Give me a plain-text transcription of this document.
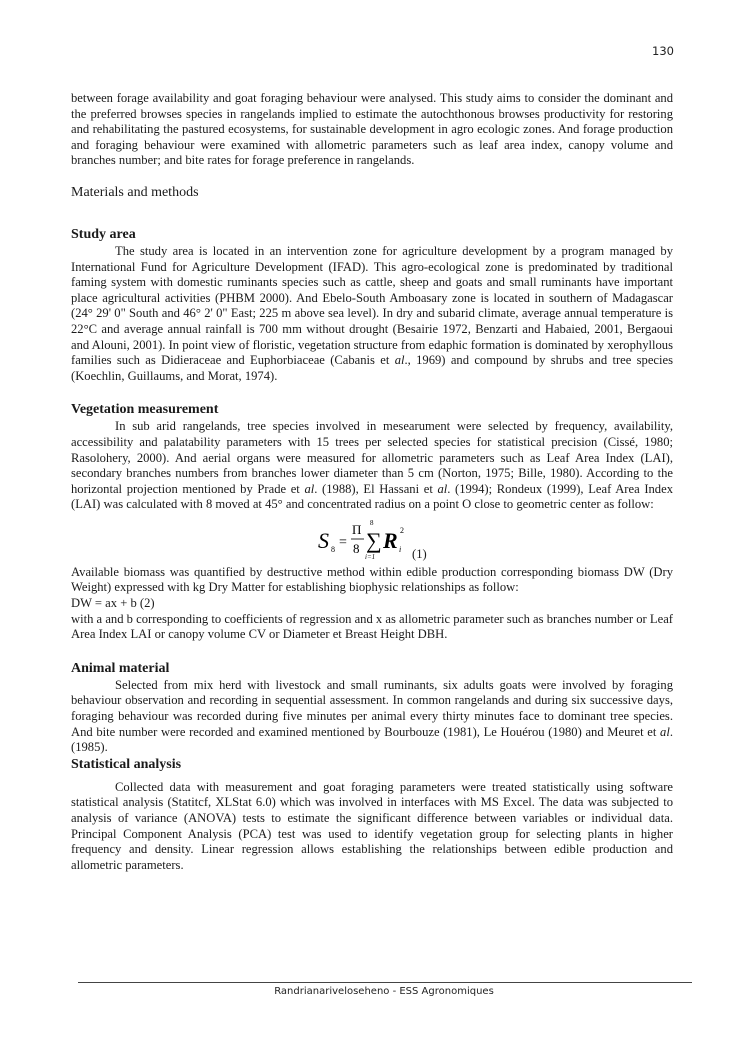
130

between forage availability and goat foraging behaviour were analysed. This study aims to consider the dominant and the preferred browses species in rangelands implied to estimate the autochthonous browses productivity for restoring and rehabilitating the pastured ecosystems, for sustainable development in agro ecologic zones. And forage production and foraging behaviour were examined with allometric parameters such as leaf area index, canopy volume and branches number; and bite rates for forage preference in rangelands.

Materials and methods
Study area

The study area is located in an intervention zone for agriculture development by a program managed by International Fund for Agriculture Development (IFAD). This agro-ecological zone is predominated by traditional faming system with domestic ruminants species such as cattle, sheep and goats and small ruminants have important place agricultural activities (PHBM 2000). And Ebelo-South Amboasary zone is located in southern of Madagascar (24° 29' 0" South and 46° 2' 0" East; 225 m above sea level). In dry and subarid climate, average annual temperature is 22°C and average annual rainfall is 700 mm without drought (Besairie 1972, Benzarti and Habaied, 2001, Bergaoui and Alouni, 2001). In point view of floristic, vegetation structure from edaphic formation is dominated by xerophyllous families such as Didieraceae and Euphorbiaceae (Cabanis et al., 1969) and compound by shrubs and tree species (Koechlin, Guillaums, and Morat, 1974).

Vegetation measurement

In sub arid rangelands, tree species involved in mesearument were selected by frequency, availability, accessibility and palatability parameters with 15 trees per selected species for statistical precision (Cissé, 1980; Rasolohery, 2000). And aerial organs were measured for allometric parameters such as Leaf Area Index (LAI), secondary branches numbers from branches lower diameter than 5 cm (Norton, 1975; Bille, 1980). According to the horizontal projection mentioned by Prade et al. (1988), El Hassani et al. (1994); Rondeux (1999), Leaf Area Index (LAI) was calculated with 8 moved at 45° and concentrated radius on a point O close to geometric center as follow:

S 8 =
Π
8
8
∑
i=1
R 2
i (1)

Available biomass was quantified by destructive method within edible production corresponding biomass DW (Dry Weight) expressed with kg Dry Matter for establishing biophysic relationships as follow:

DW = ax + b (2)

with a and b corresponding to coefficients of regression and x as allometric parameter such as branches number or Leaf Area Index LAI or canopy volume CV or Diameter et Breast Height DBH.

Animal material

Selected from mix herd with livestock and small ruminants, six adults goats were involved by foraging behaviour observation and recording in sequential assessment. In common rangelands and during six successive days, foraging behaviour was recorded during five minutes per animal every thirty minutes face to dominant tree species. And bite number were recorded and examined mentioned by Bourbouze (1981), Le Houérou (1980) and Meuret et al. (1985).

Statistical analysis

Collected data with measurement and goat foraging parameters were treated statistically using software statistical analysis (Statitcf, XLStat 6.0) which was involved in interfaces with MS Excel. The data was subjected to analysis of variance (ANOVA) tests to estimate the significant difference between variables or individual data. Principal Component Analysis (PCA) test was used to identify vegetation group for selecting plants in higher frequency and density. Linear regression allows establishing the relationships between edible production and allometric parameters.

Randrianariveloseheno - ESS Agronomiques
